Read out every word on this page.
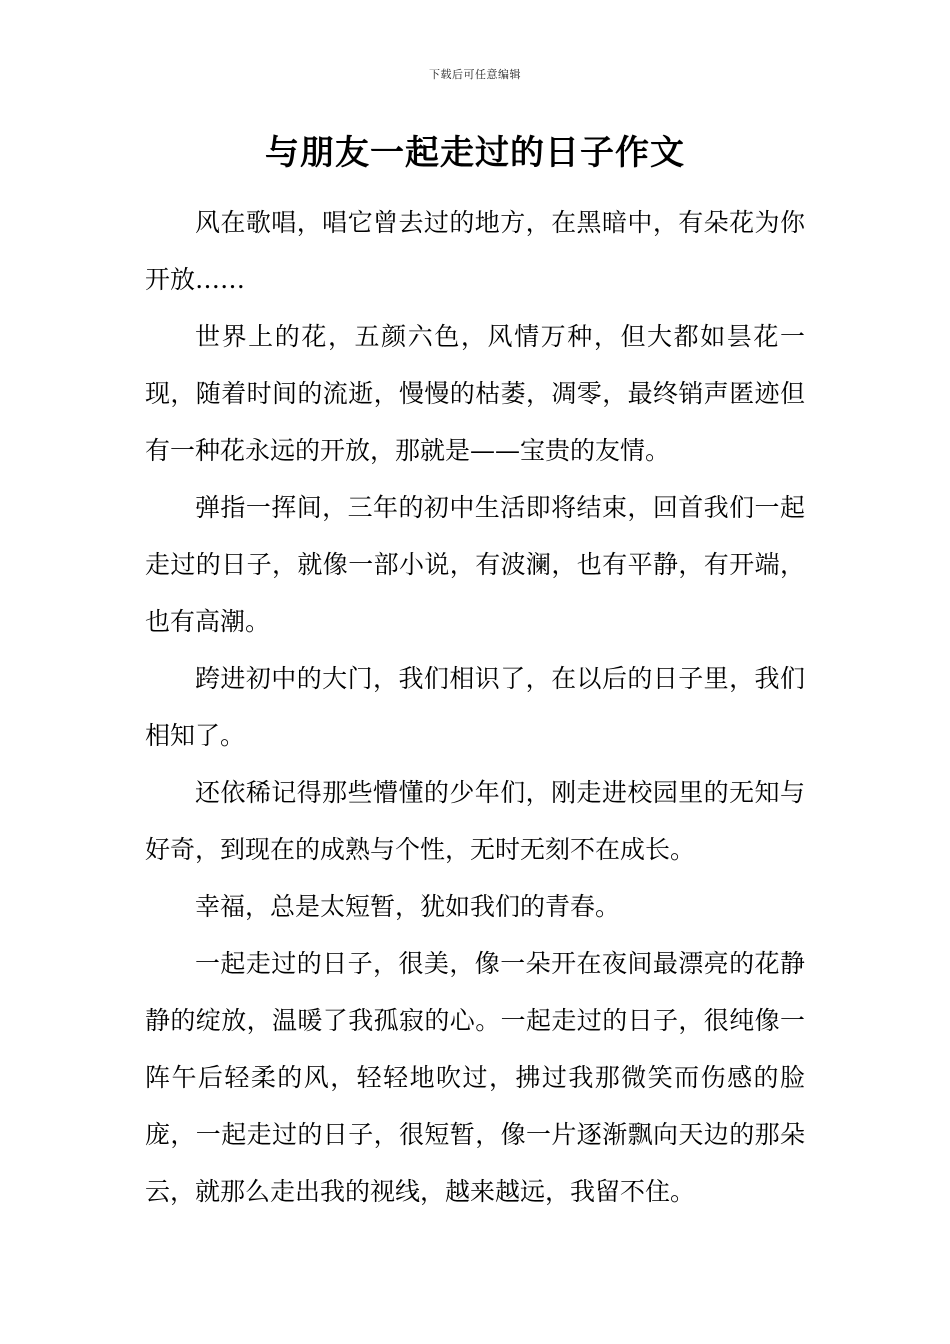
下载后可任意编辑
与朋友一起走过的日子作文

风在歌唱，唱它曾去过的地方，在黑暗中，有朵花为你开放……

世界上的花，五颜六色，风情万种，但大都如昙花一现，随着时间的流逝，慢慢的枯萎，凋零，最终销声匿迹但有一种花永远的开放，那就是——宝贵的友情。

弹指一挥间，三年的初中生活即将结束，回首我们一起走过的日子，就像一部小说，有波澜，也有平静，有开端，也有高潮。

跨进初中的大门，我们相识了，在以后的日子里，我们相知了。

还依稀记得那些懵懂的少年们，刚走进校园里的无知与好奇，到现在的成熟与个性，无时无刻不在成长。

幸福，总是太短暂，犹如我们的青春。

一起走过的日子，很美，像一朵开在夜间最漂亮的花静静的绽放，温暖了我孤寂的心。一起走过的日子，很纯像一阵午后轻柔的风，轻轻地吹过，拂过我那微笑而伤感的脸庞，一起走过的日子，很短暂，像一片逐渐飘向天边的那朵云，就那么走出我的视线，越来越远，我留不住。
